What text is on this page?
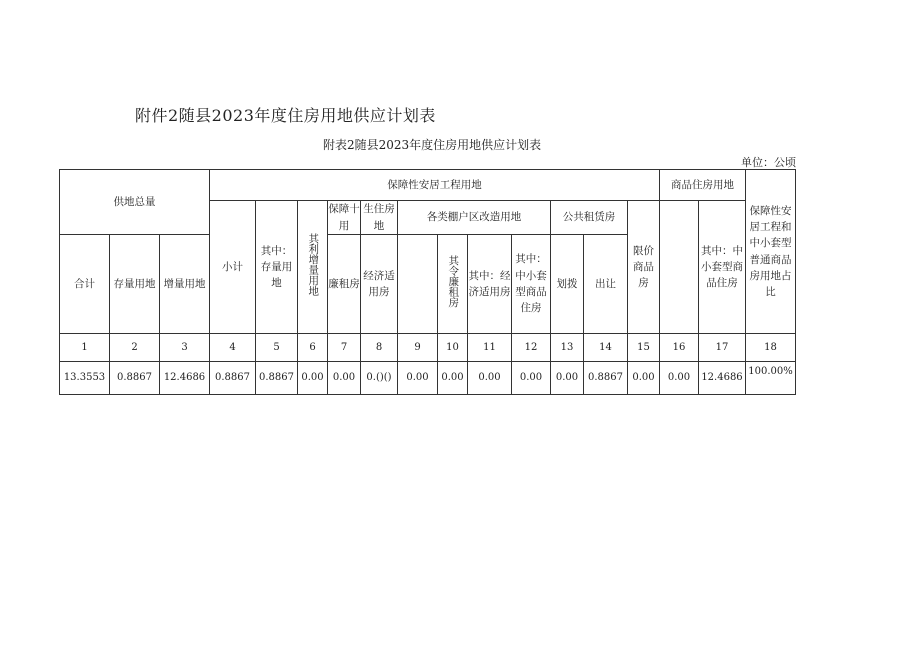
附件2随县2023年度住房用地供应计划表
附表2随县2023年度住房用地供应计划表
单位：公顷
供地总量			保障性安居工程用地												商品住房用地		保障性安居工程和中小套型普通商品房用地占比

			小计	其中：存量用地	其利增量用地	保障十用	生住房地	各类棚户区改造用地				公共租赁房		限价商品房		其中：中小套型商品住房	
合计	存量用地	增量用地				廉租房	经济适用房		其令廉租房	其中：经济适用房	其中：中小套型商品住房	划拨	出让				
1	2	3	4	5	6	7	8	9	10	11	12	13	14	15	16	17	18
13.3553	0.8867	12.4686	0.8867	0.8867	0.00	0.00	0.()()	0.00	0.00	0.00	0.00	0.00	0.8867	0.00	0.00	12.4686	100.00%
